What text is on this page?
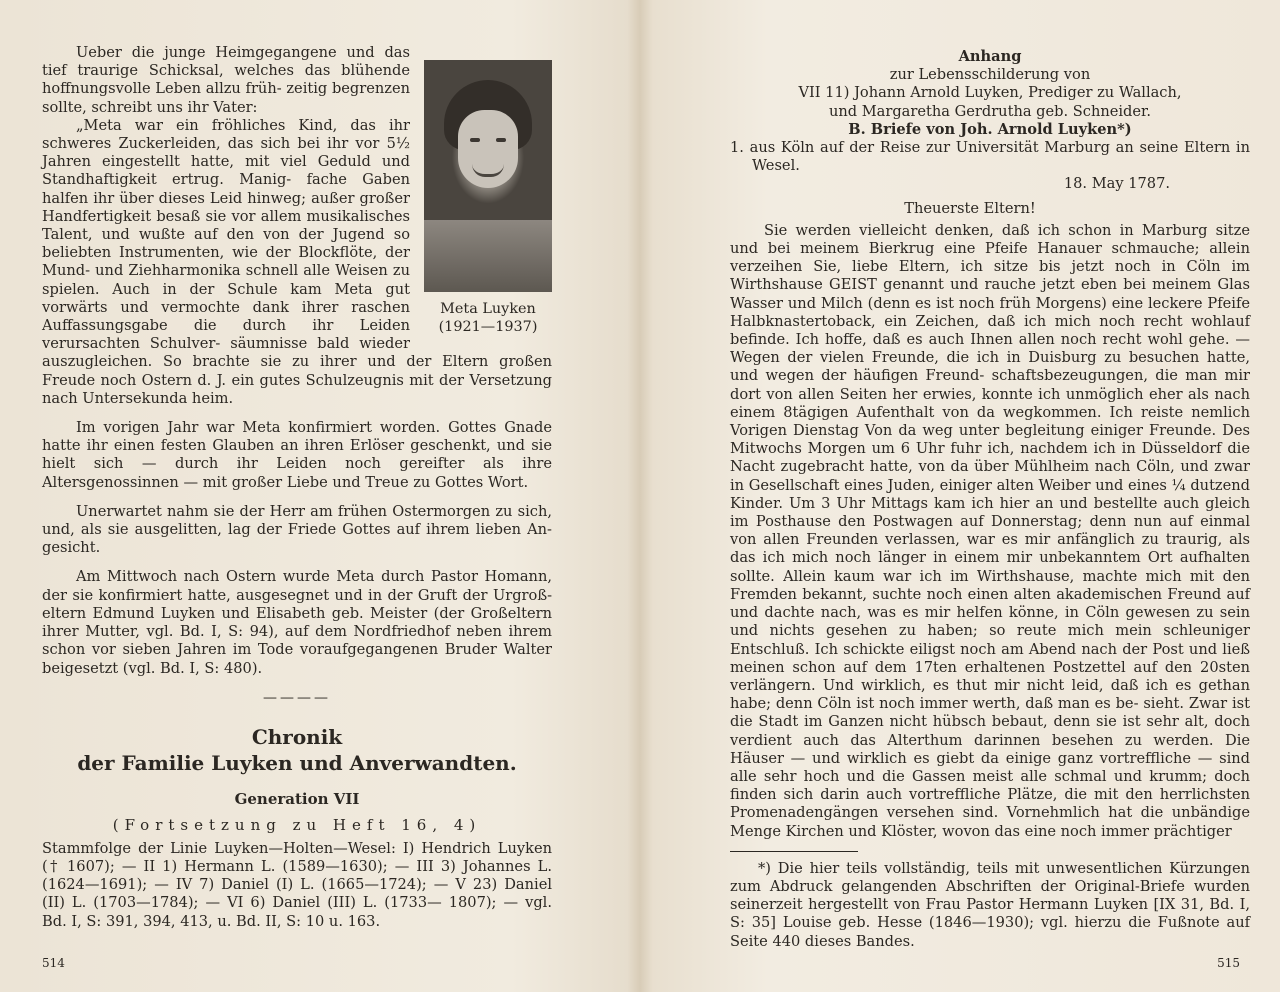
Meta Luyken
(1921—1937)

Ueber die junge Heimgegangene und das tief traurige Schicksal, welches das blühende hoffnungsvolle Leben allzu früh- zeitig begrenzen sollte, schreibt uns ihr Vater:

„Meta war ein fröhliches Kind, das ihr schweres Zuckerleiden, das sich bei ihr vor 5½ Jahren eingestellt hatte, mit viel Geduld und Standhaftigkeit ertrug. Manig- fache Gaben halfen ihr über dieses Leid hinweg; außer großer Handfertigkeit besaß sie vor allem musikalisches Talent, und wußte auf den von der Jugend so beliebten Instrumenten, wie der Blockflöte, der Mund- und Ziehharmonika schnell alle Weisen zu spielen. Auch in der Schule kam Meta gut vorwärts und vermochte dank ihrer raschen Auffassungsgabe die durch ihr Leiden verursachten Schulver- säumnisse bald wieder auszugleichen. So brachte sie zu ihrer und der Eltern großen Freude noch Ostern d. J. ein gutes Schulzeugnis mit der Versetzung nach Untersekunda heim.

Im vorigen Jahr war Meta konfirmiert worden. Gottes Gnade hatte ihr einen festen Glauben an ihren Erlöser geschenkt, und sie hielt sich — durch ihr Leiden noch gereifter als ihre Altersgenossinnen — mit großer Liebe und Treue zu Gottes Wort.

Unerwartet nahm sie der Herr am frühen Ostermorgen zu sich, und, als sie ausgelitten, lag der Friede Gottes auf ihrem lieben An- gesicht.

Am Mittwoch nach Ostern wurde Meta durch Pastor Homann, der sie konfirmiert hatte, ausgesegnet und in der Gruft der Urgroß- eltern Edmund Luyken und Elisabeth geb. Meister (der Großeltern ihrer Mutter, vgl. Bd. I, S: 94), auf dem Nordfriedhof neben ihrem schon vor sieben Jahren im Tode voraufgegangenen Bruder Walter beigesetzt (vgl. Bd. I, S: 480).

————
Chronik
der Familie Luyken und Anverwandten.
Generation VII
(Fortsetzung zu Heft 16, 4)

Stammfolge der Linie Luyken—Holten—Wesel: I) Hendrich Luyken († 1607); — II 1) Hermann L. (1589—1630); — III 3) Johannes L. (1624—1691); — IV 7) Daniel (I) L. (1665—1724); — V 23) Daniel (II) L. (1703—1784); — VI 6) Daniel (III) L. (1733— 1807); — vgl. Bd. I, S: 391, 394, 413, u. Bd. II, S: 10 u. 163.

514
Anhang
zur Lebensschilderung von
VII 11) Johann Arnold Luyken, Prediger zu Wallach,
und Margaretha Gerdrutha geb. Schneider.
B. Briefe von Joh. Arnold Luyken*)

1. aus Köln auf der Reise zur Universität Marburg an seine Eltern in Wesel.

18. May 1787.

Theuerste Eltern!

Sie werden vielleicht denken, daß ich schon in Marburg sitze und bei meinem Bierkrug eine Pfeife Hanauer schmauche; allein verzeihen Sie, liebe Eltern, ich sitze bis jetzt noch in Cöln im Wirthshause GEIST genannt und rauche jetzt eben bei meinem Glas Wasser und Milch (denn es ist noch früh Morgens) eine leckere Pfeife Halbknastertoback, ein Zeichen, daß ich mich noch recht wohlauf befinde. Ich hoffe, daß es auch Ihnen allen noch recht wohl gehe. — Wegen der vielen Freunde, die ich in Duisburg zu besuchen hatte, und wegen der häufigen Freund- schaftsbezeugungen, die man mir dort von allen Seiten her erwies, konnte ich unmöglich eher als nach einem 8tägigen Aufenthalt von da wegkommen. Ich reiste nemlich Vorigen Dienstag Von da weg unter begleitung einiger Freunde. Des Mitwochs Morgen um 6 Uhr fuhr ich, nachdem ich in Düsseldorf die Nacht zugebracht hatte, von da über Mühlheim nach Cöln, und zwar in Gesellschaft eines Juden, einiger alten Weiber und eines ¼ dutzend Kinder. Um 3 Uhr Mittags kam ich hier an und bestellte auch gleich im Posthause den Postwagen auf Donnerstag; denn nun auf einmal von allen Freunden verlassen, war es mir anfänglich zu traurig, als das ich mich noch länger in einem mir unbekanntem Ort aufhalten sollte. Allein kaum war ich im Wirthshause, machte mich mit den Fremden bekannt, suchte noch einen alten akademischen Freund auf und dachte nach, was es mir helfen könne, in Cöln gewesen zu sein und nichts gesehen zu haben; so reute mich mein schleuniger Entschluß. Ich schickte eiligst noch am Abend nach der Post und ließ meinen schon auf dem 17ten erhaltenen Postzettel auf den 20sten verlängern. Und wirklich, es thut mir nicht leid, daß ich es gethan habe; denn Cöln ist noch immer werth, daß man es be- sieht. Zwar ist die Stadt im Ganzen nicht hübsch bebaut, denn sie ist sehr alt, doch verdient auch das Alterthum darinnen besehen zu werden. Die Häuser — und wirklich es giebt da einige ganz vortreffliche — sind alle sehr hoch und die Gassen meist alle schmal und krumm; doch finden sich darin auch vortreffliche Plätze, die mit den herrlichsten Promenadengängen versehen sind. Vornehmlich hat die unbändige Menge Kirchen und Klöster, wovon das eine noch immer prächtiger

*) Die hier teils vollständig, teils mit unwesentlichen Kürzungen zum Abdruck gelangenden Abschriften der Original-Briefe wurden seinerzeit hergestellt von Frau Pastor Hermann Luyken [IX 31, Bd. I, S: 35] Louise geb. Hesse (1846—1930); vgl. hierzu die Fußnote auf Seite 440 dieses Bandes.

515
